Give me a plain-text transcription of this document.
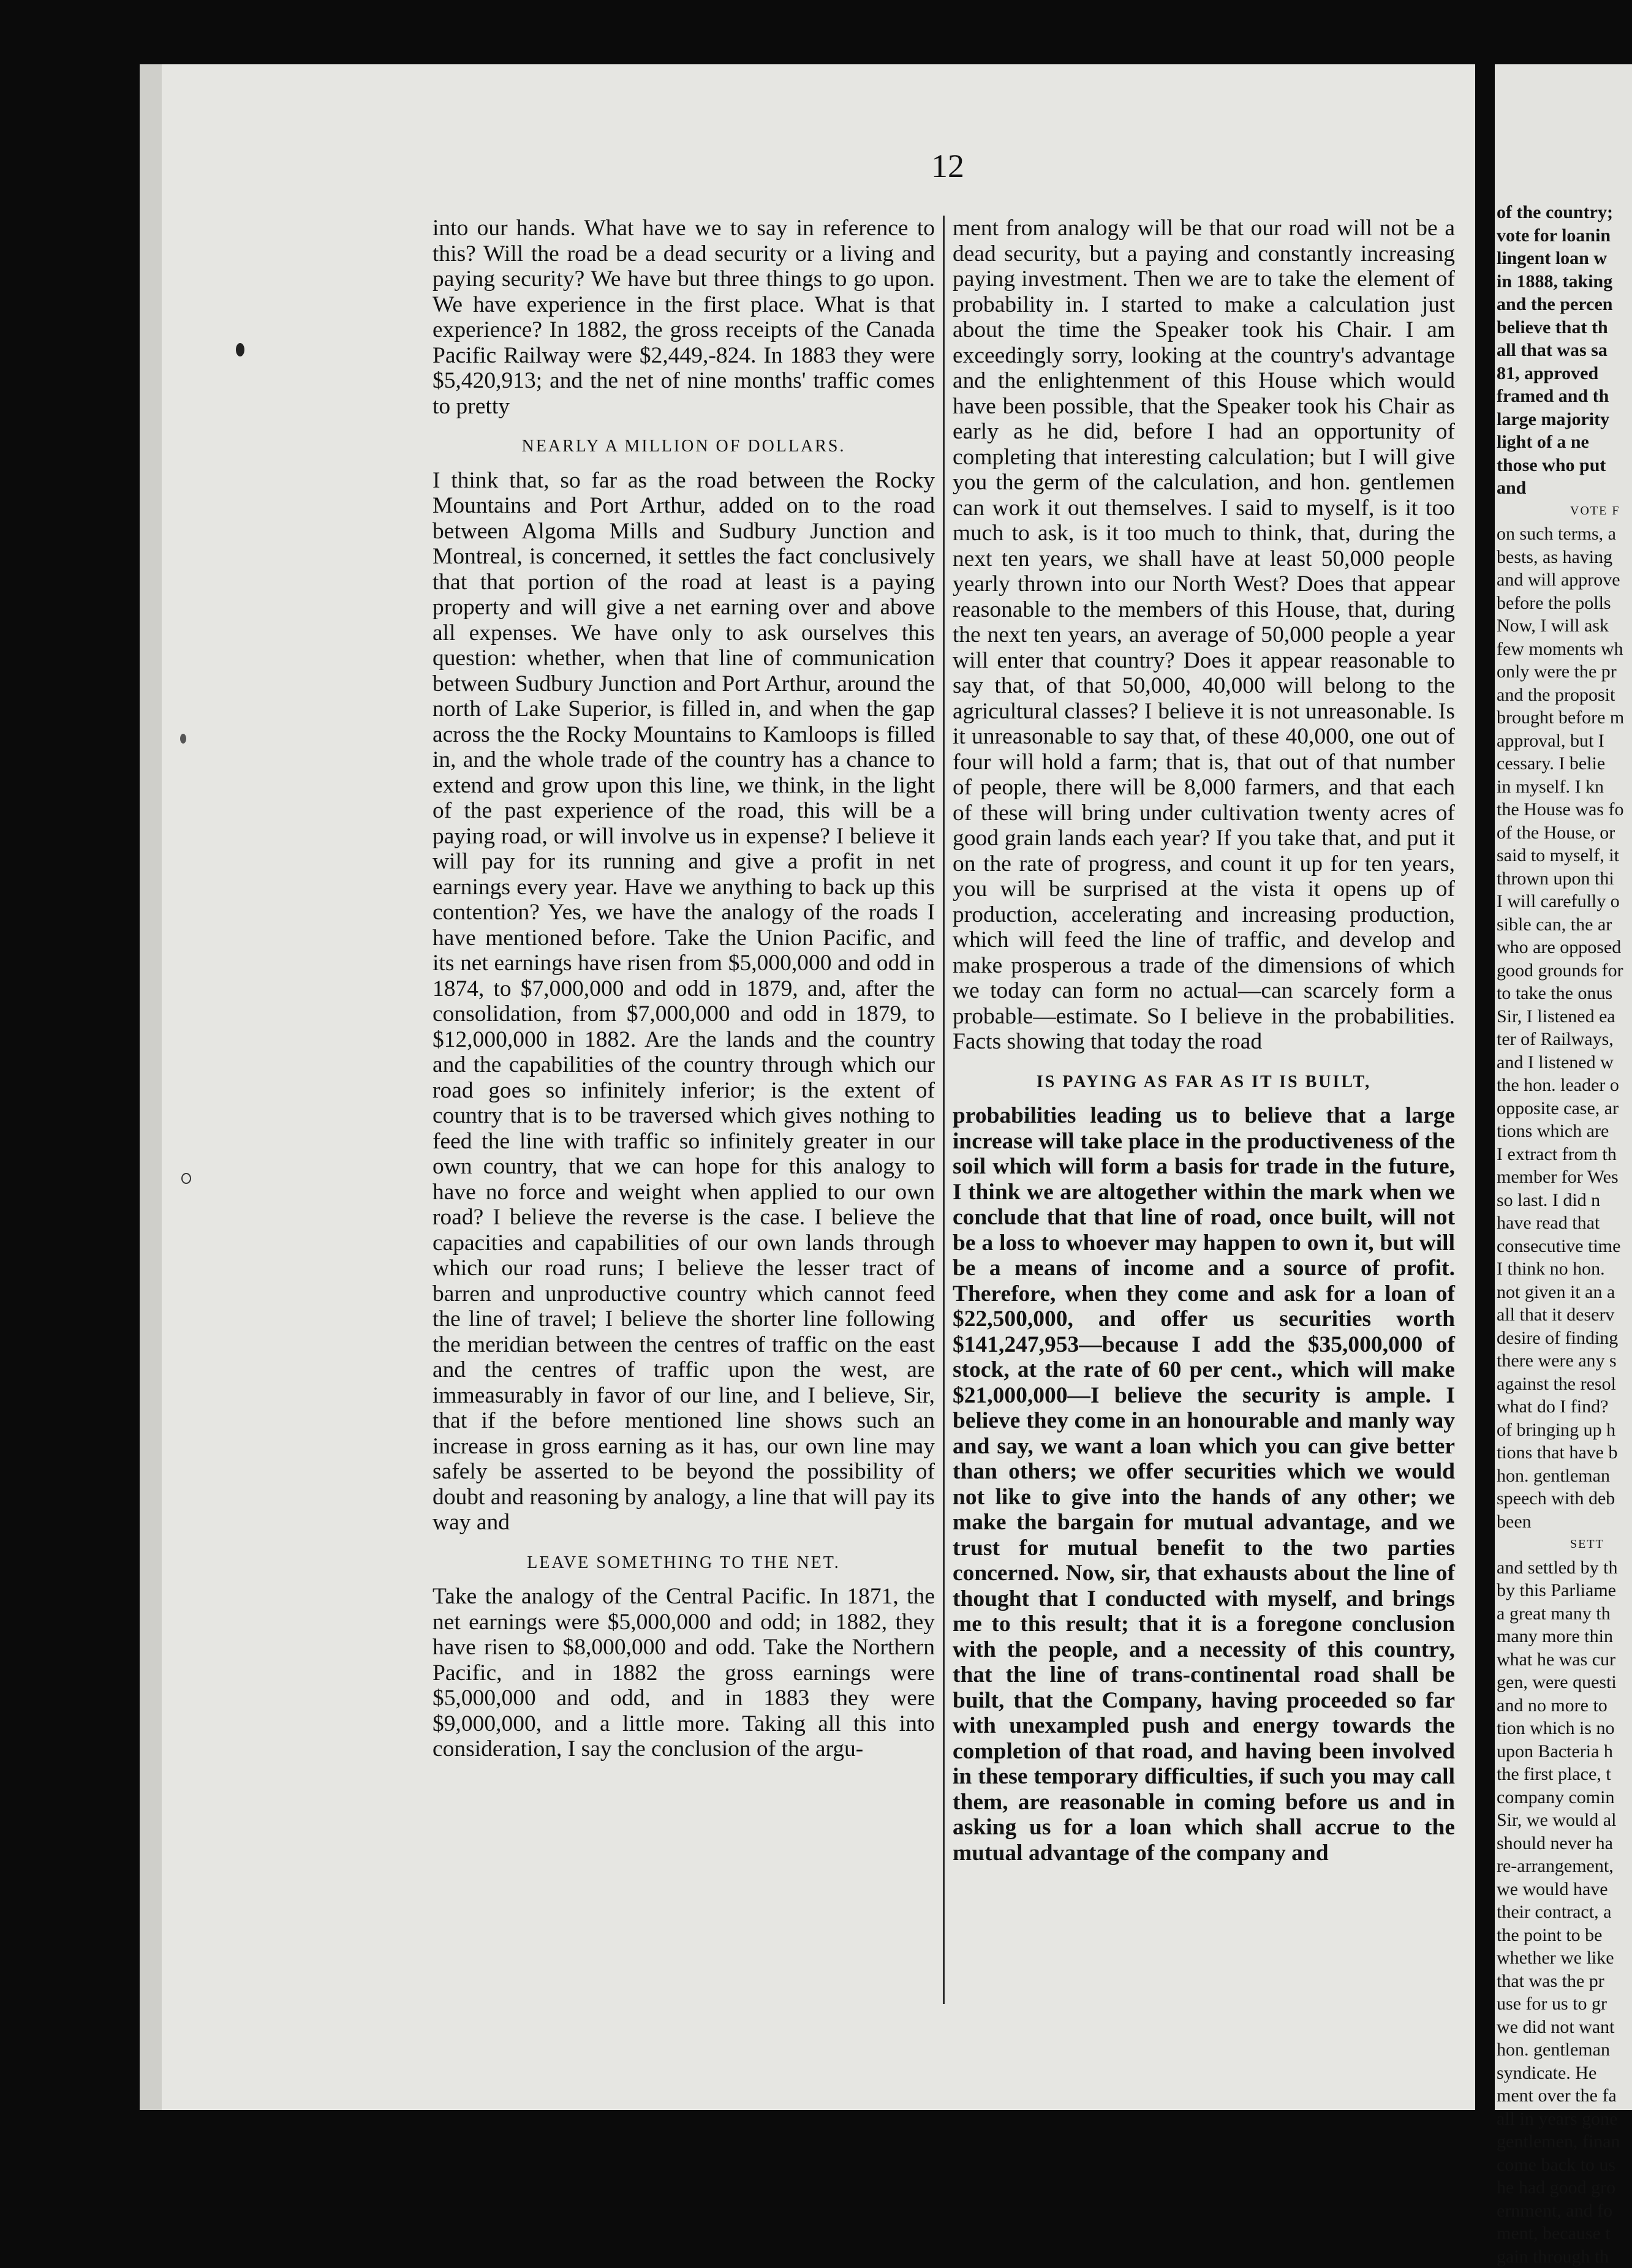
12

into our hands. What have we to say in reference to this? Will the road be a dead security or a living and paying security? We have but three things to go upon. We have experience in the first place. What is that experience? In 1882, the gross receipts of the Canada Pacific Railway were $2,449,-824. In 1883 they were $5,420,913; and the net of nine months' traffic comes to pretty

NEARLY A MILLION OF DOLLARS.

I think that, so far as the road between the Rocky Mountains and Port Arthur, added on to the road between Algoma Mills and Sudbury Junction and Montreal, is concerned, it settles the fact conclusively that that portion of the road at least is a paying property and will give a net earning over and above all expenses. We have only to ask ourselves this question: whether, when that line of communication between Sudbury Junction and Port Arthur, around the north of Lake Superior, is filled in, and when the gap across the the Rocky Mountains to Kamloops is filled in, and the whole trade of the country has a chance to extend and grow upon this line, we think, in the light of the past experience of the road, this will be a paying road, or will involve us in expense? I believe it will pay for its running and give a profit in net earnings every year. Have we anything to back up this contention? Yes, we have the analogy of the roads I have mentioned before. Take the Union Pacific, and its net earnings have risen from $5,000,000 and odd in 1874, to $7,000,000 and odd in 1879, and, after the consolidation, from $7,000,000 and odd in 1879, to $12,000,000 in 1882. Are the lands and the country and the capabilities of the country through which our road goes so infinitely inferior; is the extent of country that is to be traversed which gives nothing to feed the line with traffic so infinitely greater in our own country, that we can hope for this analogy to have no force and weight when applied to our own road? I believe the reverse is the case. I believe the capacities and capabilities of our own lands through which our road runs; I believe the lesser tract of barren and unproductive country which cannot feed the line of travel; I believe the shorter line following the meridian between the centres of traffic on the east and the centres of traffic upon the west, are immeasurably in favor of our line, and I believe, Sir, that if the before mentioned line shows such an increase in gross earning as it has, our own line may safely be asserted to be beyond the possibility of doubt and reasoning by analogy, a line that will pay its way and

LEAVE SOMETHING TO THE NET.

Take the analogy of the Central Pacific. In 1871, the net earnings were $5,000,000 and odd; in 1882, they have risen to $8,000,000 and odd. Take the Northern Pacific, and in 1882 the gross earnings were $5,000,000 and odd, and in 1883 they were $9,000,000, and a little more. Taking all this into consideration, I say the conclusion of the argu-

ment from analogy will be that our road will not be a dead security, but a paying and constantly increasing paying investment. Then we are to take the element of probability in. I started to make a calculation just about the time the Speaker took his Chair. I am exceedingly sorry, looking at the country's advantage and the enlightenment of this House which would have been possible, that the Speaker took his Chair as early as he did, before I had an opportunity of completing that interesting calculation; but I will give you the germ of the calculation, and hon. gentlemen can work it out themselves. I said to myself, is it too much to ask, is it too much to think, that, during the next ten years, we shall have at least 50,000 people yearly thrown into our North West? Does that appear reasonable to the members of this House, that, during the next ten years, an average of 50,000 people a year will enter that country? Does it appear reasonable to say that, of that 50,000, 40,000 will belong to the agricultural classes? I believe it is not unreasonable. Is it unreasonable to say that, of these 40,000, one out of four will hold a farm; that is, that out of that number of people, there will be 8,000 farmers, and that each of these will bring under cultivation twenty acres of good grain lands each year? If you take that, and put it on the rate of progress, and count it up for ten years, you will be surprised at the vista it opens up of production, accelerating and increasing production, which will feed the line of traffic, and develop and make prosperous a trade of the dimensions of which we today can form no actual—can scarcely form a probable—estimate. So I believe in the probabilities. Facts showing that today the road

IS PAYING AS FAR AS IT IS BUILT,

probabilities leading us to believe that a large increase will take place in the productiveness of the soil which will form a basis for trade in the future, I think we are altogether within the mark when we conclude that that line of road, once built, will not be a loss to whoever may happen to own it, but will be a means of income and a source of profit. Therefore, when they come and ask for a loan of $22,500,000, and offer us securities worth $141,247,953—because I add the $35,000,000 of stock, at the rate of 60 per cent., which will make $21,000,000—I believe the security is ample. I believe they come in an honourable and manly way and say, we want a loan which you can give better than others; we offer securities which we would not like to give into the hands of any other; we make the bargain for mutual advantage, and we trust for mutual benefit to the two parties concerned. Now, sir, that exhausts about the line of thought that I conducted with myself, and brings me to this result; that it is a foregone conclusion with the people, and a necessity of this country, that the line of trans-continental road shall be built, that the Company, having proceeded so far with unexampled push and energy towards the completion of that road, and having been involved in these temporary difficulties, if such you may call them, are reasonable in coming before us and in asking us for a loan which shall accrue to the mutual advantage of the company and

of the country;
vote for loanin
lingent loan w
in 1888, taking
and the percen
believe that th
all that was sa
81, approved
framed and th
large majority
light of a ne
those who put
and
VOTE F
on such terms, a
bests, as having
and will approve
before the polls
Now, I will ask
few moments wh
only were the pr
and the proposit
brought before m
approval, but I
cessary. I belie
in myself. I kn
the House was fo
of the House, or
said to myself, it
thrown upon thi
I will carefully o
sible can, the ar
who are opposed
good grounds for
to take the onus
Sir, I listened ea
ter of Railways,
and I listened w
the hon. leader o
opposite case, ar
tions which are
I extract from th
member for Wes
so last. I did n
have read that
consecutive time
I think no hon.
not given it an a
all that it deserv
desire of finding
there were any s
against the resol
what do I find?
of bringing up h
tions that have b
hon. gentleman
speech with deb
been
SETT
and settled by th
by this Parliame
a great many th
many more thin
what he was cur
gen, were questi
and no more to
tion which is no
upon Bacteria h
the first place, t
company comin
Sir, we would al
should never ha
re-arrangement,
we would have
their contract, a
the point to be
whether we like
that was the pr
use for us to gr
we did not want
hon. gentleman
syndicate. He
ment over the fa
all in years gone
gentlemen, finan
come back to us
he had good gro
ernment, and fo
ment, because t
gain through th
